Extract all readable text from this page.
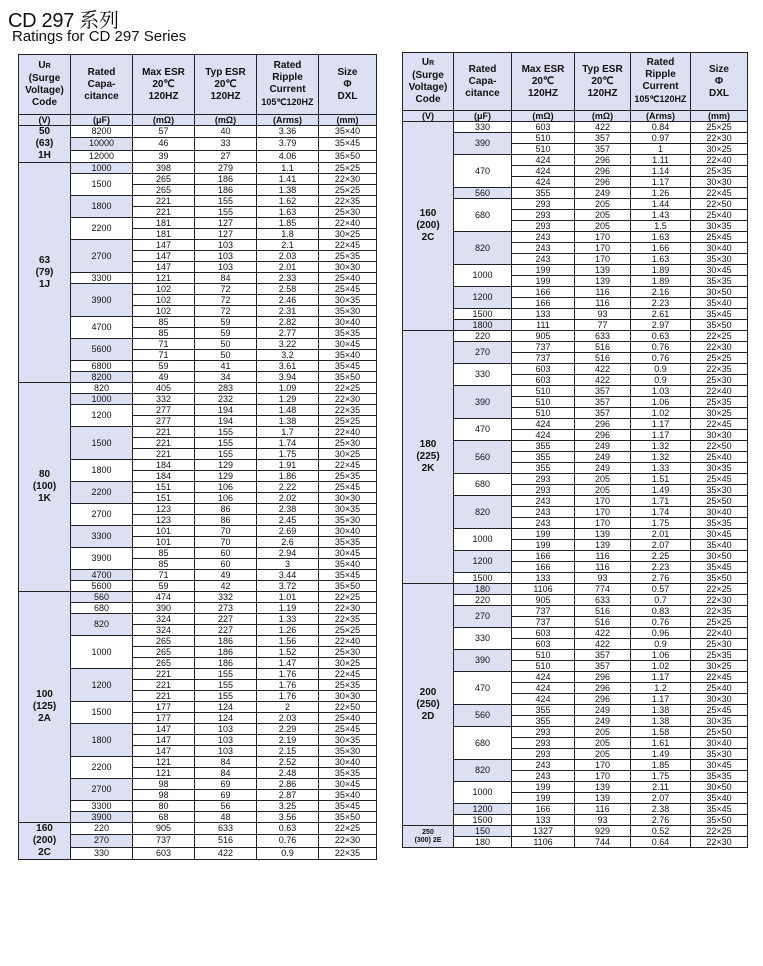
CD 297 系列
Ratings for CD 297 Series
UR
(Surge
Voltage)
Code	Rated
Capa-
citance	Max ESR
20℃
120HZ	Typ ESR
20℃
120HZ	Rated
Ripple
Current
105℃120HZ	Size
Φ
DXL
(V)	(μF)	(mΩ)	(mΩ)	(Arms)	(mm)
50
(63)
1H	8200	57	40	3.36	35×40
	10000	46	33	3.79	35×45
	12000	39	27	4.06	35×50
63
(79)
1J	1000	398	279	1.1	25×25
	1500	265	186	1.41	22×30
		265	186	1.38	25×25
	1800	221	155	1.62	22×35
		221	155	1.63	25×30
	2200	181	127	1.85	22×40
		181	127	1.8	30×25
	2700	147	103	2.1	22×45
		147	103	2.03	25×35
		147	103	2.01	30×30
	3300	121	84	2.33	25×40
	3900	102	72	2.58	25×45
		102	72	2.46	30×35
		102	72	2.31	35×30
	4700	85	59	2.82	30×40
		85	59	2.77	35×35
	5600	71	50	3.22	30×45
		71	50	3.2	35×40
	6800	59	41	3.61	35×45
	8200	49	34	3.94	35×50
80
(100)
1K	820	405	283	1.09	22×25
	1000	332	232	1.29	22×30
	1200	277	194	1.48	22×35
		277	194	1.38	25×25
	1500	221	155	1.7	22×40
		221	155	1.74	25×30
		221	155	1.75	30×25
	1800	184	129	1.91	22×45
		184	129	1.86	25×35
	2200	151	106	2.22	25×45
		151	106	2.02	30×30
	2700	123	86	2.38	30×35
		123	86	2.45	35×30
	3300	101	70	2.69	30×40
		101	70	2.6	35×35
	3900	85	60	2.94	30×45
		85	60	3	35×40
	4700	71	49	3.44	35×45
	5600	59	42	3.72	35×50
100
(125)
2A	560	474	332	1.01	22×25
	680	390	273	1.19	22×30
	820	324	227	1.33	22×35
		324	227	1.26	25×25
	1000	265	186	1.56	22×40
		265	186	1.52	25×30
		265	186	1.47	30×25
	1200	221	155	1.76	22×45
		221	155	1.76	25×35
		221	155	1.76	30×30
	1500	177	124	2	22×50
		177	124	2.03	25×40
	1800	147	103	2.29	25×45
		147	103	2.19	30×35
		147	103	2.15	35×30
	2200	121	84	2.52	30×40
		121	84	2.48	35×35
	2700	98	69	2.86	30×45
		98	69	2.87	35×40
	3300	80	56	3.25	35×45
	3900	68	48	3.56	35×50
160
(200)
2C	220	905	633	0.63	22×25
	270	737	516	0.76	22×30
	330	603	422	0.9	22×35
UR
(Surge
Voltage)
Code	Rated
Capa-
citance	Max ESR
20℃
120HZ	Typ ESR
20℃
120HZ	Rated
Ripple
Current
105℃120HZ	Size
Φ
DXL
(V)	(μF)	(mΩ)	(mΩ)	(Arms)	(mm)
160
(200)
2C	330	603	422	0.84	25×25
	390	510	357	0.97	22×30
		510	357	1	30×25
	470	424	296	1.11	22×40
		424	296	1.14	25×35
		424	296	1.17	30×30
	560	355	249	1.26	22×45
	680	293	205	1.44	22×50
		293	205	1.43	25×40
		293	205	1.5	30×35
	820	243	170	1.63	25×45
		243	170	1.66	30×40
		243	170	1.63	35×30
	1000	199	139	1.89	30×45
		199	139	1.89	35×35
	1200	166	116	2.16	30×50
		166	116	2.23	35×40
	1500	133	93	2.61	35×45
	1800	111	77	2.97	35×50
180
(225)
2K	220	905	633	0.63	22×25
	270	737	516	0.76	22×30
		737	516	0.76	25×25
	330	603	422	0.9	22×35
		603	422	0.9	25×30
	390	510	357	1.03	22×40
		510	357	1.06	25×35
		510	357	1.02	30×25
	470	424	296	1.17	22×45
		424	296	1.17	30×30
	560	355	249	1.32	22×50
		355	249	1.32	25×40
		355	249	1.33	30×35
	680	293	205	1.51	25×45
		293	205	1.49	35×30
	820	243	170	1.71	25×50
		243	170	1.74	30×40
		243	170	1.75	35×35
	1000	199	139	2.01	30×45
		199	139	2.07	35×40
	1200	166	116	2.25	30×50
		166	116	2.23	35×45
	1500	133	93	2.76	35×50
200
(250)
2D	180	1106	774	0.57	22×25
	220	905	633	0.7	22×30
	270	737	516	0.83	22×35
		737	516	0.76	25×25
	330	603	422	0.96	22×40
		603	422	0.9	25×30
	390	510	357	1.06	25×35
		510	357	1.02	30×25
	470	424	296	1.17	22×45
		424	296	1.2	25×40
		424	296	1.17	30×30
	560	355	249	1.38	25×45
		355	249	1.38	30×35
	680	293	205	1.58	25×50
		293	205	1.61	30×40
		293	205	1.49	35×30
	820	243	170	1.85	30×45
		243	170	1.75	35×35
	1000	199	139	2.11	30×50
		199	139	2.07	35×40
	1200	166	116	2.38	35×45
	1500	133	93	2.76	35×50
250
(300) 2E	150	1327	929	0.52	22×25
	180	1106	744	0.64	22×30
